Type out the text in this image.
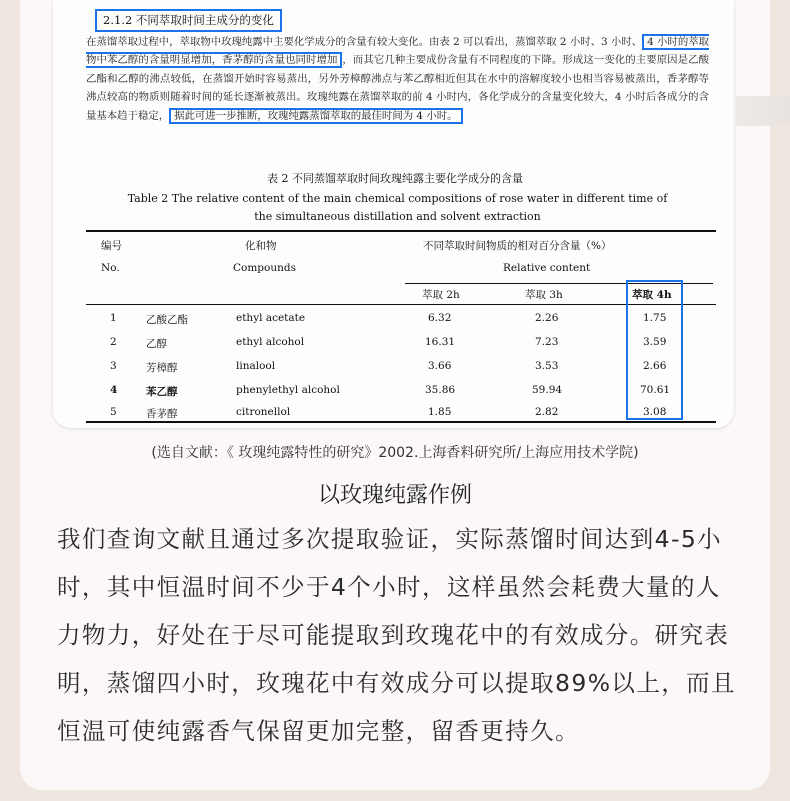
2.1.2 不同萃取时间主成分的变化
在蒸馏萃取过程中，萃取物中玫瑰纯露中主要化学成分的含量有较大变化。由表 2 可以看出，蒸馏萃取 2 小时、3 小时、 4 小时的萃取物中苯乙醇的含量明显增加，香茅醇的含量也同时增加 ，而其它几种主要成份含量有不同程度的下降。形成这一变化的主要原因是乙酸乙酯和乙醇的沸点较低，在蒸馏开始时容易蒸出，另外芳樟醇沸点与苯乙醇相近但其在水中的溶解度较小也相当容易被蒸出，香茅醇等沸点较高的物质则随着时间的延长逐渐被蒸出。玫瑰纯露在蒸馏萃取的前 4 小时内，各化学成分的含量变化较大，4 小时后各成分的含量基本趋于稳定， 据此可进一步推断，玫瑰纯露蒸馏萃取的最佳时间为 4 小时。
表 2 不同蒸馏萃取时间玫瑰纯露主要化学成分的含量
Table 2 The relative content of the main chemical compositions of rose water in different time of the simultaneous distillation and solvent extraction
编号
No.
化和物
Compounds
不同萃取时间物质的相对百分含量（%）
Relative content
萃取 2h	萃取 3h	萃取 4h
1	乙酸乙酯	ethyl acetate	6.32	2.26	1.75
2	乙醇	ethyl alcohol	16.31	7.23	3.59
3	芳樟醇	linalool	3.66	3.53	2.66
4	苯乙醇	phenylethyl alcohol	35.86	59.94	70.61
5	香茅醇	citronellol	1.85	2.82	3.08
(选自文献：《 玫瑰纯露特性的研究》2002.上海香料研究所/上海应用技术学院)
以玫瑰纯露作例
我们查询文献且通过多次提取验证，实际蒸馏时间达到4-5小时，其中恒温时间不少于4个小时，这样虽然会耗费大量的人力物力，好处在于尽可能提取到玫瑰花中的有效成分。研究表明，蒸馏四小时，玫瑰花中有效成分可以提取89%以上，而且恒温可使纯露香气保留更加完整，留香更持久。
